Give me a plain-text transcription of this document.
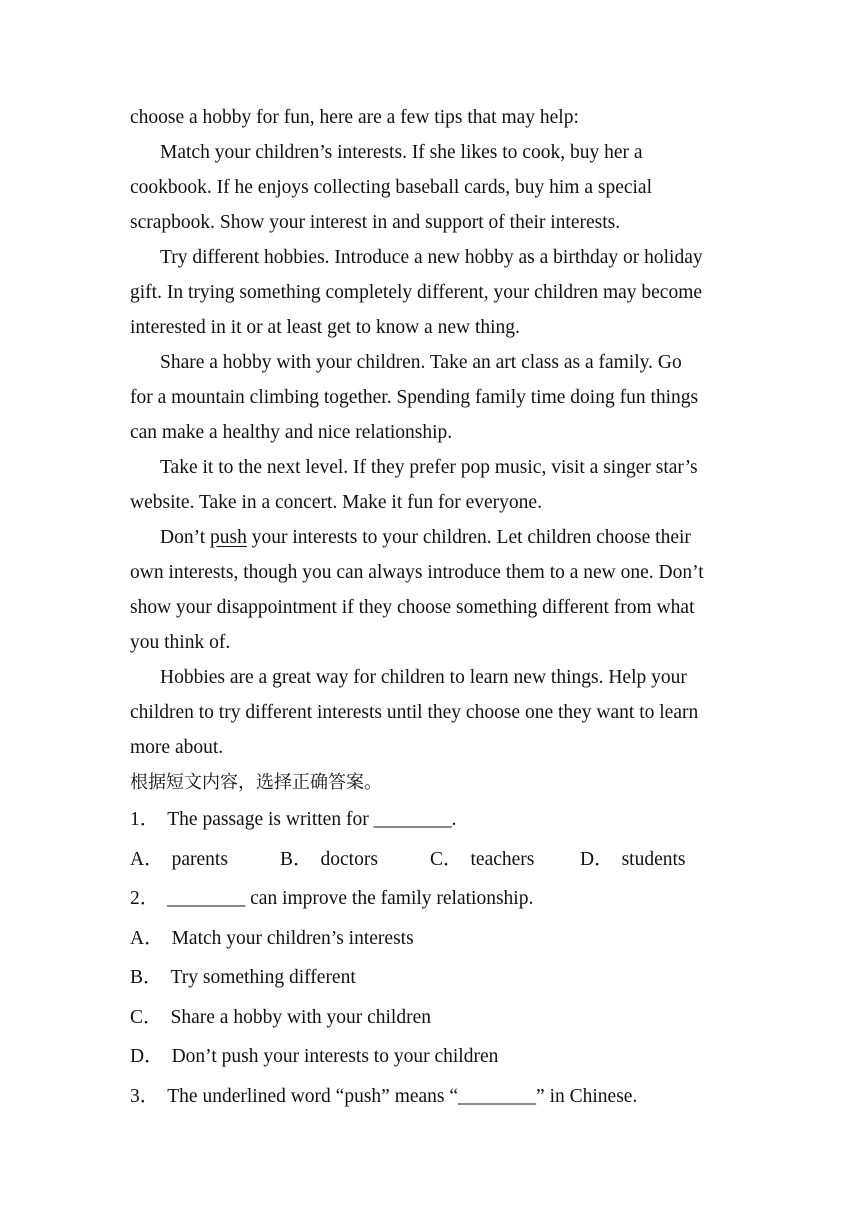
choose a hobby for fun, here are a few tips that may help:
Match your children’s interests. If she likes to cook, buy her a
cookbook. If he enjoys collecting baseball cards, buy him a special
scrapbook. Show your interest in and support of their interests.
Try different hobbies. Introduce a new hobby as a birthday or holiday
gift. In trying something completely different, your children may become
interested in it or at least get to know a new thing.
Share a hobby with your children. Take an art class as a family. Go
for a mountain climbing together. Spending family time doing fun things
can make a healthy and nice relationship.
Take it to the next level. If they prefer pop music, visit a singer star’s
website. Take in a concert. Make it fun for everyone.
Don’t push your interests to your children. Let children choose their
own interests, though you can always introduce them to a new one. Don’t
show your disappointment if they choose something different from what
you think of.
Hobbies are a great way for children to learn new things. Help your
children to try different interests until they choose one they want to learn
more about.
根据短文内容，选择正确答案。
1． The passage is written for ________.
A． parents	B． doctors	C． teachers	D． students
2． ________ can improve the family relationship.
A． Match your children’s interests
B． Try something different
C． Share a hobby with your children
D． Don’t push your interests to your children
3． The underlined word “push” means “________” in Chinese.
